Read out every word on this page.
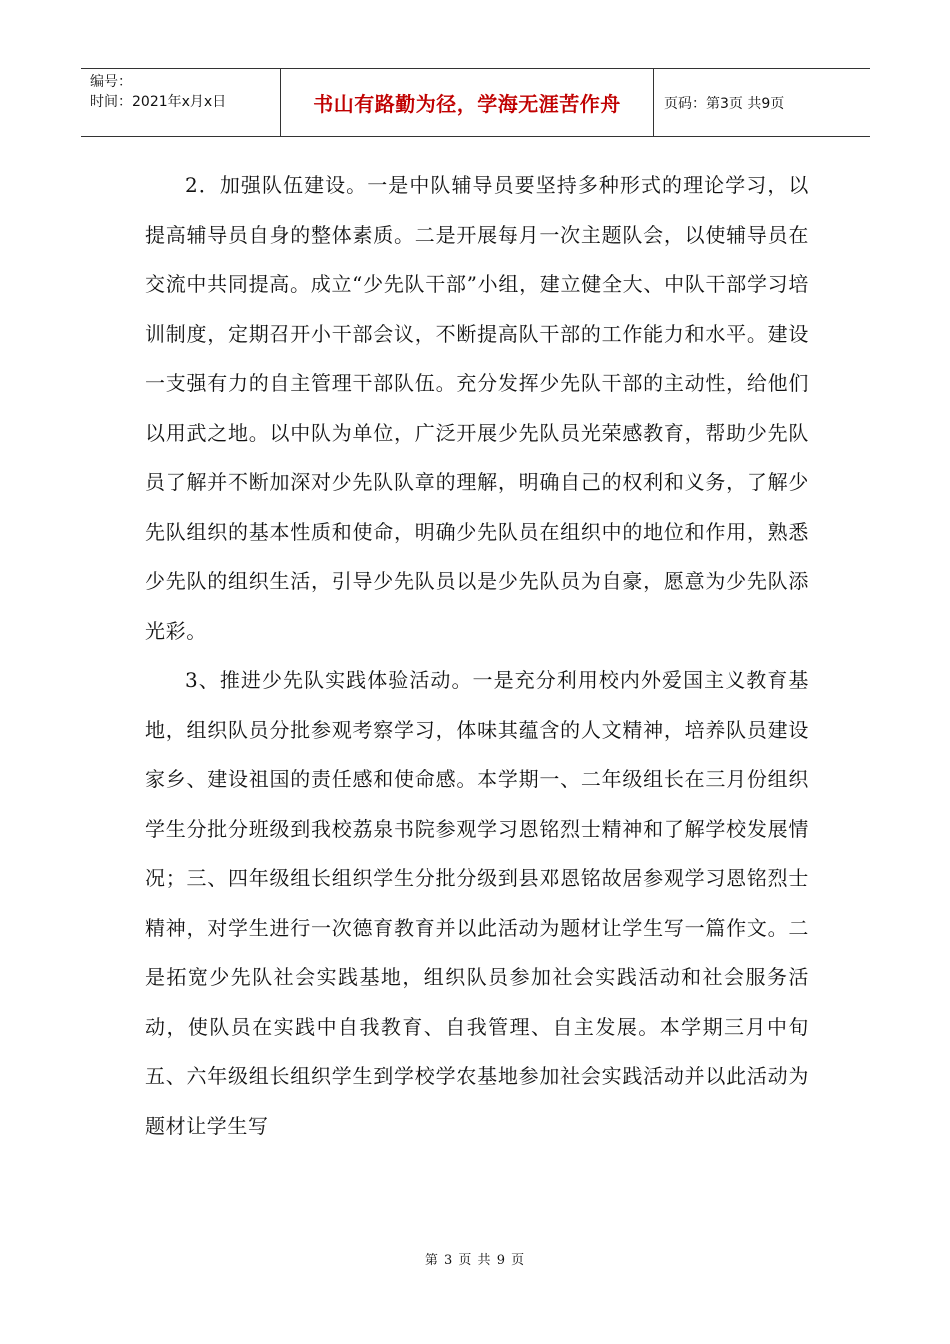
编号：
时间：2021年x月x日	书山有路勤为径，学海无涯苦作舟	页码：第3页 共9页

2．加强队伍建设。一是中队辅导员要坚持多种形式的理论学习，以提高辅导员自身的整体素质。二是开展每月一次主题队会，以使辅导员在交流中共同提高。成立“少先队干部”小组，建立健全大、中队干部学习培训制度，定期召开小干部会议，不断提高队干部的工作能力和水平。建设一支强有力的自主管理干部队伍。充分发挥少先队干部的主动性，给他们以用武之地。以中队为单位，广泛开展少先队员光荣感教育，帮助少先队员了解并不断加深对少先队队章的理解，明确自己的权利和义务，了解少先队组织的基本性质和使命，明确少先队员在组织中的地位和作用，熟悉少先队的组织生活，引导少先队员以是少先队员为自豪，愿意为少先队添光彩。

3、推进少先队实践体验活动。一是充分利用校内外爱国主义教育基地，组织队员分批参观考察学习，体味其蕴含的人文精神，培养队员建设家乡、建设祖国的责任感和使命感。本学期一、二年级组长在三月份组织学生分批分班级到我校荔泉书院参观学习恩铭烈士精神和了解学校发展情况；三、四年级组长组织学生分批分级到县邓恩铭故居参观学习恩铭烈士精神，对学生进行一次德育教育并以此活动为题材让学生写一篇作文。二是拓宽少先队社会实践基地，组织队员参加社会实践活动和社会服务活动，使队员在实践中自我教育、自我管理、自主发展。本学期三月中旬五、六年级组长组织学生到学校学农基地参加社会实践活动并以此活动为题材让学生写

第 3 页 共 9 页
